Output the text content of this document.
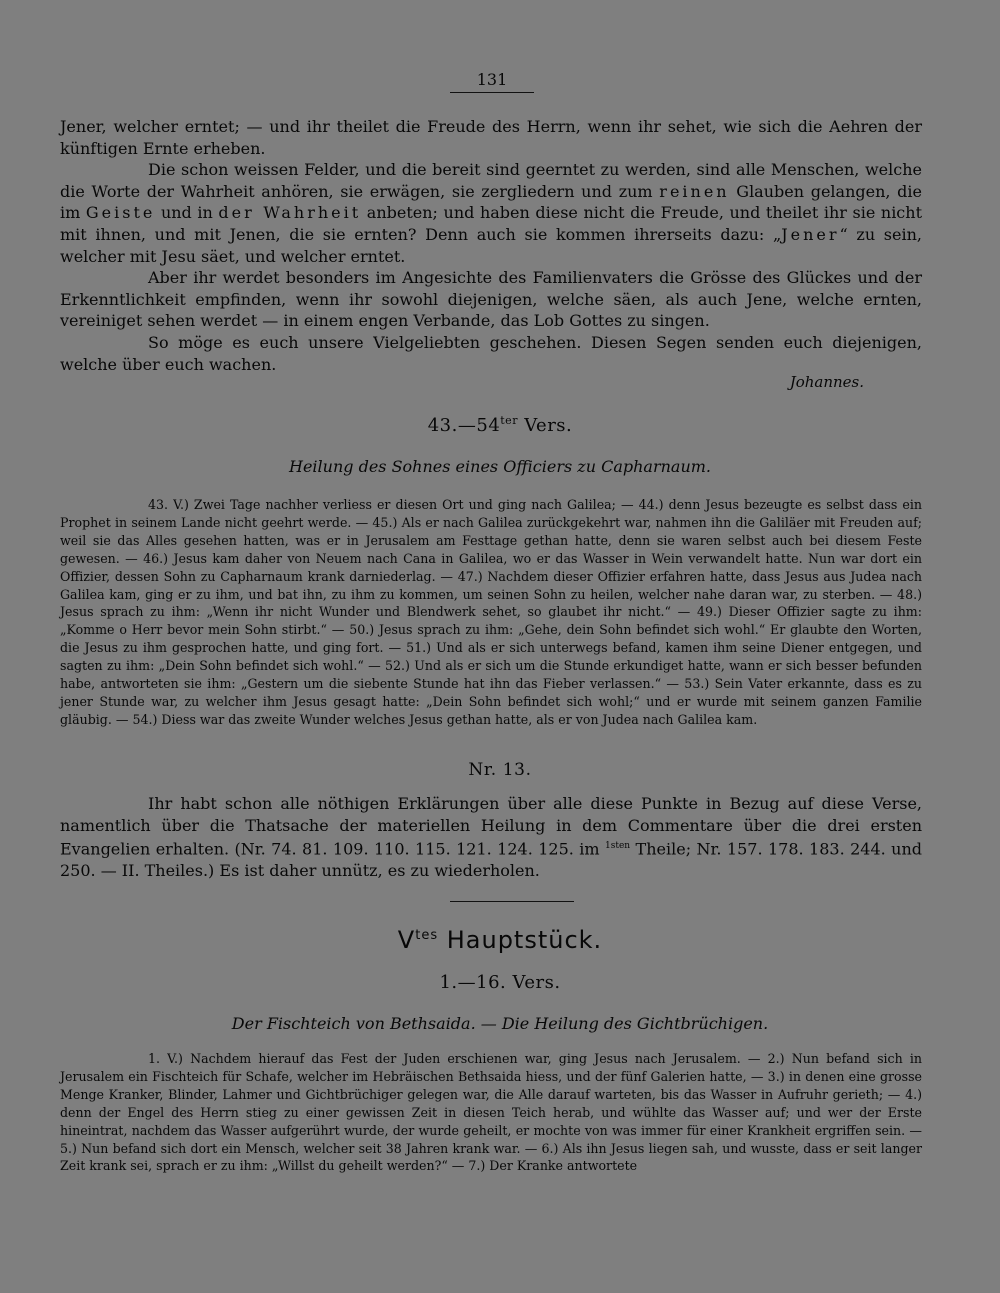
131

Jener, welcher erntet; — und ihr theilet die Freude des Herrn, wenn ihr sehet, wie sich die Aehren der künftigen Ernte erheben.

Die schon weissen Felder, und die bereit sind geerntet zu werden, sind alle Menschen, welche die Worte der Wahrheit anhören, sie erwägen, sie zergliedern und zum reinen Glauben gelangen, die im Geiste und in der Wahrheit anbeten; und haben diese nicht die Freude, und theilet ihr sie nicht mit ihnen, und mit Jenen, die sie ernten? Denn auch sie kommen ihrerseits dazu: „Jener“ zu sein, welcher mit Jesu säet, und welcher erntet.

Aber ihr werdet besonders im Angesichte des Familienvaters die Grösse des Glückes und der Erkenntlichkeit empfinden, wenn ihr sowohl diejenigen, welche säen, als auch Jene, welche ernten, vereiniget sehen werdet — in einem engen Verbande, das Lob Gottes zu singen.

So möge es euch unsere Vielgeliebten geschehen. Diesen Segen senden euch diejenigen, welche über euch wachen.

Johannes.
$43.—54^{ter}$ Vers.
Heilung des Sohnes eines Officiers zu Capharnaum.

43. V.) Zwei Tage nachher verliess er diesen Ort und ging nach Galilea; — 44.) denn Jesus bezeugte es selbst dass ein Prophet in seinem Lande nicht geehrt werde. — 45.) Als er nach Galilea zurückgekehrt war, nahmen ihn die Galiläer mit Freuden auf; weil sie das Alles gesehen hatten, was er in Jerusalem am Festtage gethan hatte, denn sie waren selbst auch bei diesem Feste gewesen. — 46.) Jesus kam daher von Neuem nach Cana in Galilea, wo er das Wasser in Wein verwandelt hatte. Nun war dort ein Offizier, dessen Sohn zu Capharnaum krank darniederlag. — 47.) Nachdem dieser Offizier erfahren hatte, dass Jesus aus Judea nach Galilea kam, ging er zu ihm, und bat ihn, zu ihm zu kommen, um seinen Sohn zu heilen, welcher nahe daran war, zu sterben. — 48.) Jesus sprach zu ihm: „Wenn ihr nicht Wunder und Blendwerk sehet, so glaubet ihr nicht.“ — 49.) Dieser Offizier sagte zu ihm: „Komme o Herr bevor mein Sohn stirbt.“ — 50.) Jesus sprach zu ihm: „Gehe, dein Sohn befindet sich wohl.“ Er glaubte den Worten, die Jesus zu ihm gesprochen hatte, und ging fort. — 51.) Und als er sich unterwegs befand, kamen ihm seine Diener entgegen, und sagten zu ihm: „Dein Sohn befindet sich wohl.“ — 52.) Und als er sich um die Stunde erkundiget hatte, wann er sich besser befunden habe, antworteten sie ihm: „Gestern um die siebente Stunde hat ihn das Fieber verlassen.“ — 53.) Sein Vater erkannte, dass es zu jener Stunde war, zu welcher ihm Jesus gesagt hatte: „Dein Sohn befindet sich wohl;“ und er wurde mit seinem ganzen Familie gläubig. — 54.) Diess war das zweite Wunder welches Jesus gethan hatte, als er von Judea nach Galilea kam.

Nr. 13.

Ihr habt schon alle nöthigen Erklärungen über alle diese Punkte in Bezug auf diese Verse, namentlich über die Thatsache der materiellen Heilung in dem Commentare über die drei ersten Evangelien erhalten. (Nr. 74. 81. 109. 110. 115. 121. 124. 125. im $^{1sten}$ Theile; Nr. 157. 178. 183. 244. und 250. — II. Theiles.) Es ist daher unnütz, es zu wiederholen.

$V^{tes}$ Hauptstück.
1.—16. Vers.
Der Fischteich von Bethsaida. — Die Heilung des Gichtbrüchigen.

1. V.) Nachdem hierauf das Fest der Juden erschienen war, ging Jesus nach Jerusalem. — 2.) Nun befand sich in Jerusalem ein Fischteich für Schafe, welcher im Hebräischen Bethsaida hiess, und der fünf Galerien hatte, — 3.) in denen eine grosse Menge Kranker, Blinder, Lahmer und Gichtbrüchiger gelegen war, die Alle darauf warteten, bis das Wasser in Aufruhr gerieth; — 4.) denn der Engel des Herrn stieg zu einer gewissen Zeit in diesen Teich herab, und wühlte das Wasser auf; und wer der Erste hineintrat, nachdem das Wasser aufgerührt wurde, der wurde geheilt, er mochte von was immer für einer Krankheit ergriffen sein. — 5.) Nun befand sich dort ein Mensch, welcher seit 38 Jahren krank war. — 6.) Als ihn Jesus liegen sah, und wusste, dass er seit langer Zeit krank sei, sprach er zu ihm: „Willst du geheilt werden?“ — 7.) Der Kranke antwortete
